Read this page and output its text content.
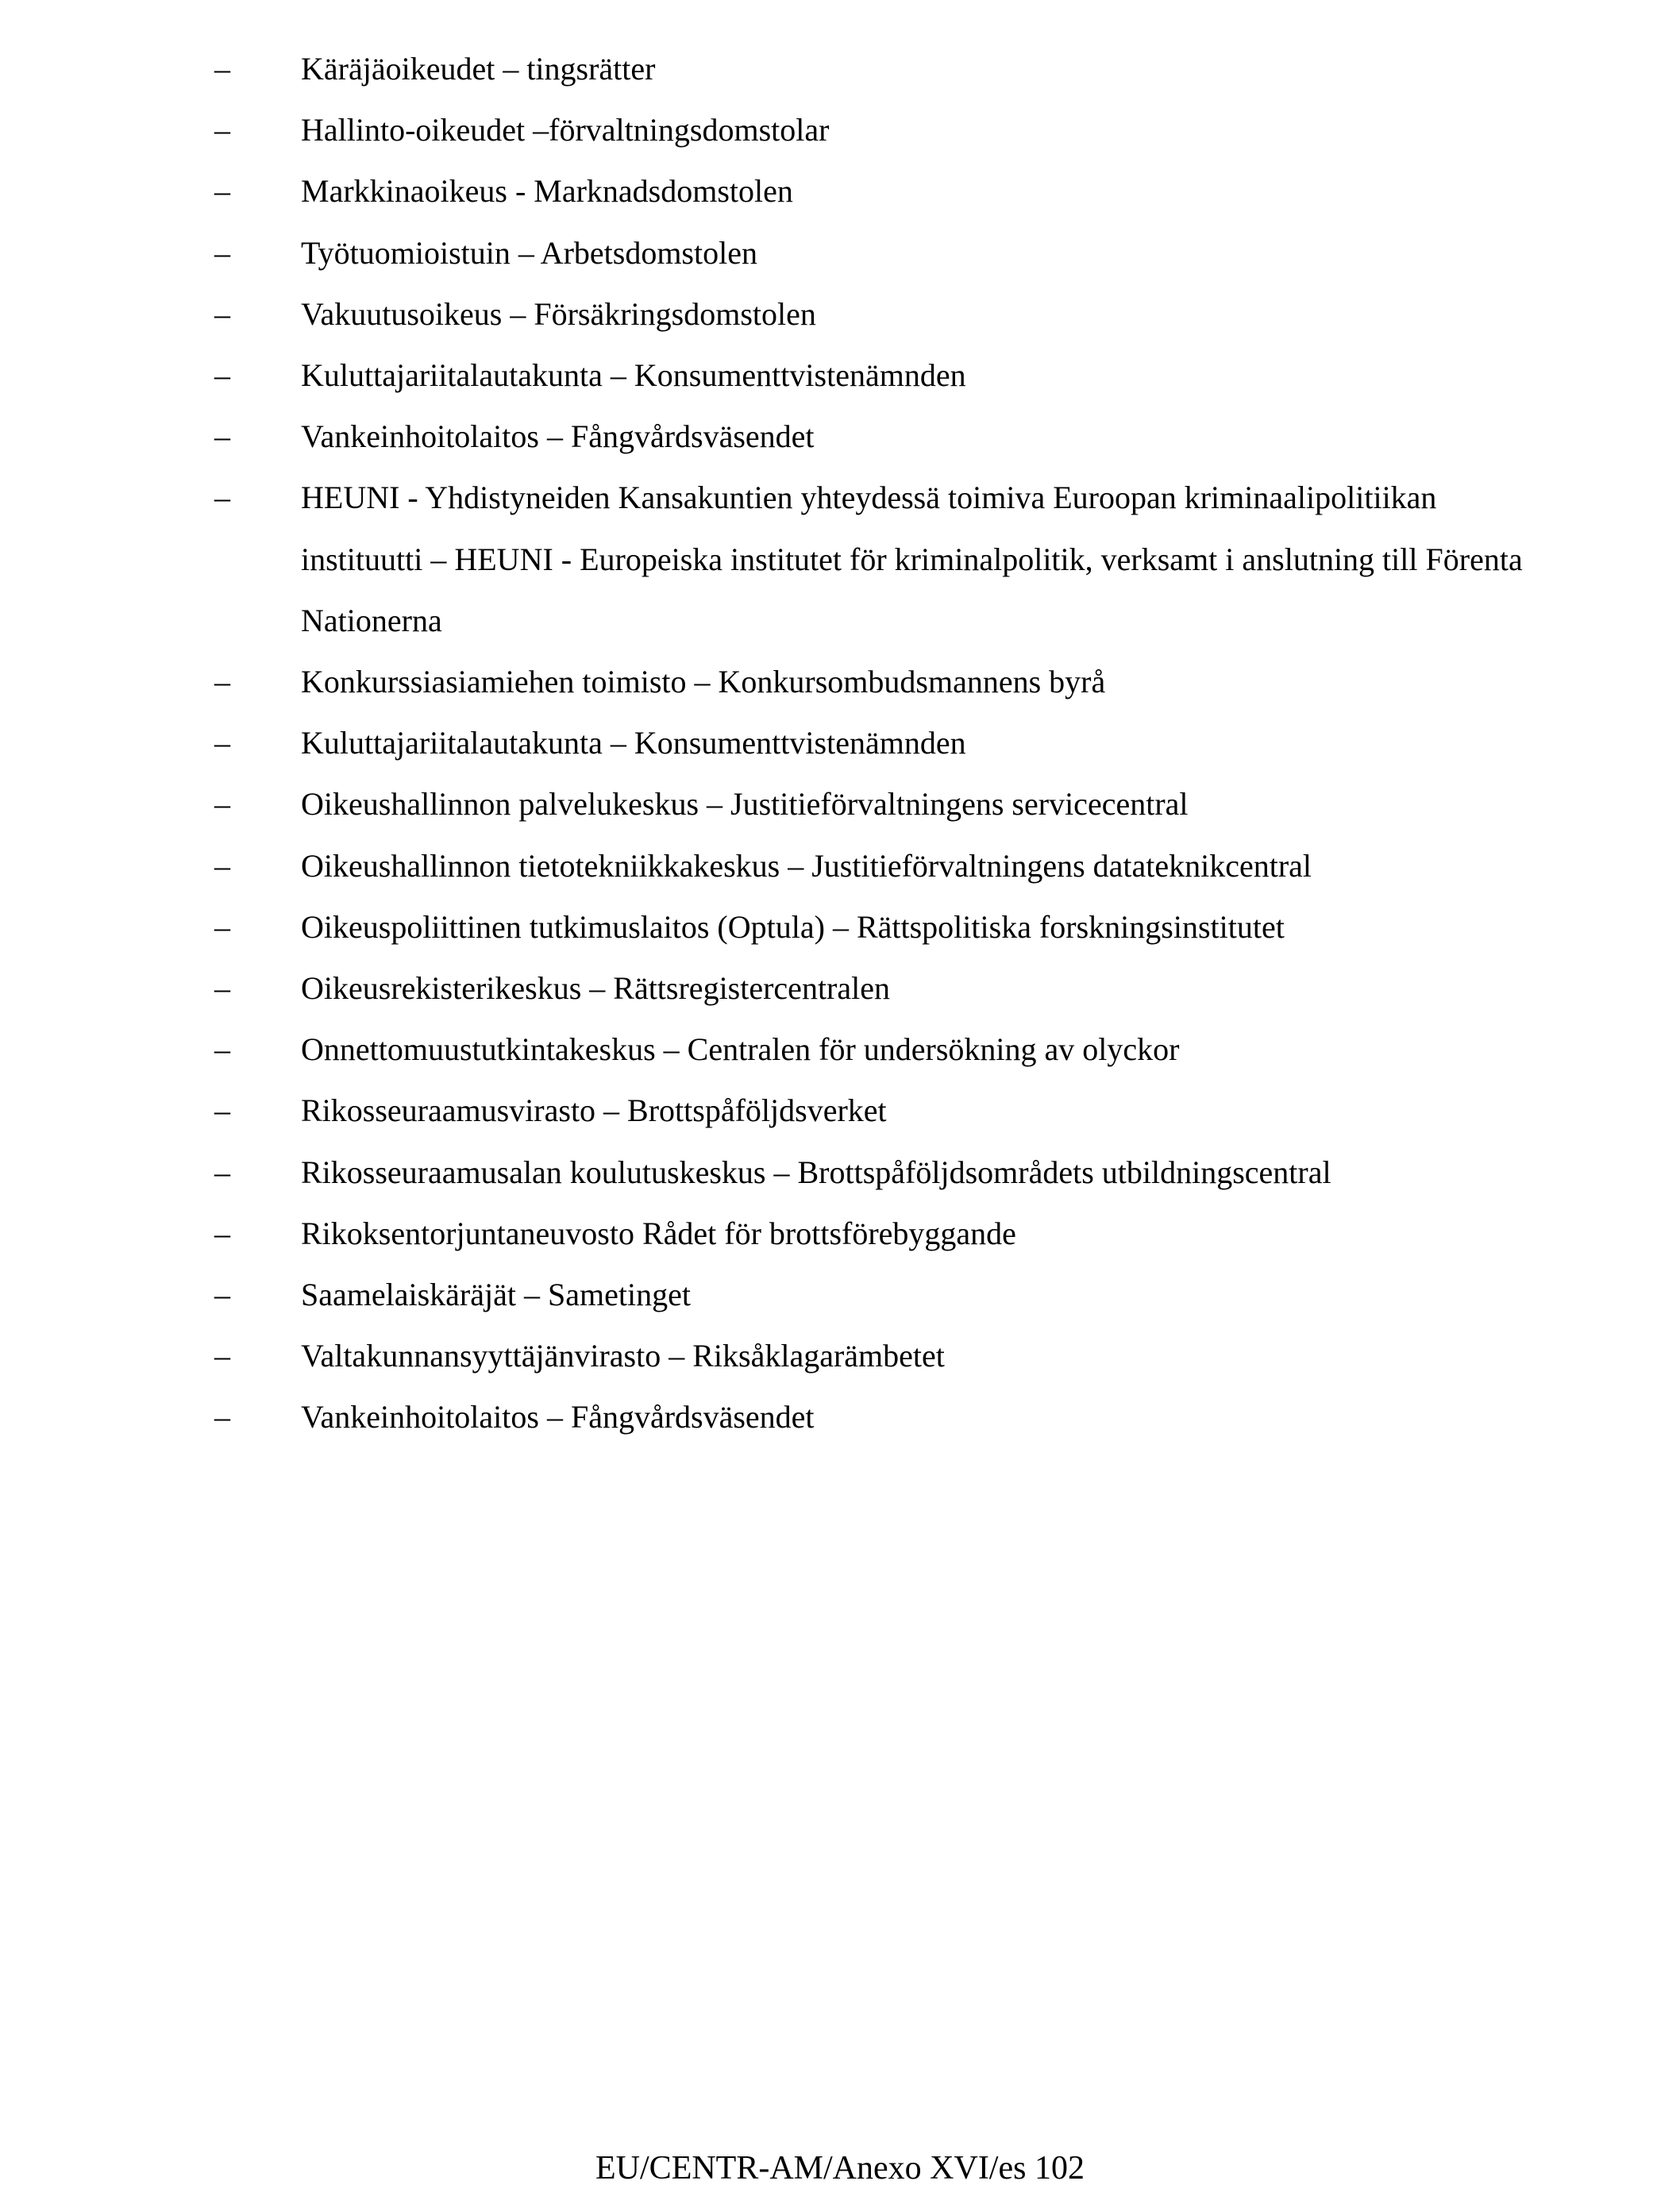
– Käräjäoikeudet – tingsrätter
– Hallinto-oikeudet –förvaltningsdomstolar
– Markkinaoikeus - Marknadsdomstolen
– Työtuomioistuin – Arbetsdomstolen
– Vakuutusoikeus – Försäkringsdomstolen
– Kuluttajariitalautakunta – Konsumenttvistenämnden
– Vankeinhoitolaitos – Fångvårdsväsendet
– HEUNI - Yhdistyneiden Kansakuntien yhteydessä toimiva Euroopan kriminaalipolitiikan instituutti – HEUNI - Europeiska institutet för kriminalpolitik, verksamt i anslutning till Förenta Nationerna
– Konkurssiasiamiehen toimisto – Konkursombudsmannens byrå
– Kuluttajariitalautakunta – Konsumenttvistenämnden
– Oikeushallinnon palvelukeskus – Justitieförvaltningens servicecentral
– Oikeushallinnon tietotekniikkakeskus – Justitieförvaltningens datateknikcentral
– Oikeuspoliittinen tutkimuslaitos (Optula) – Rättspolitiska forskningsinstitutet
– Oikeusrekisterikeskus – Rättsregistercentralen
– Onnettomuustutkintakeskus – Centralen för undersökning av olyckor
– Rikosseuraamusvirasto – Brottspåföljdsverket
– Rikosseuraamusalan koulutuskeskus – Brottspåföljdsområdets utbildningscentral
– Rikoksentorjuntaneuvosto Rådet för brottsförebyggande
– Saamelaiskäräjät – Sametinget
– Valtakunnansyyttäjänvirasto – Riksåklagarämbetet
– Vankeinhoitolaitos – Fångvårdsväsendet
EU/CENTR-AM/Anexo XVI/es 102
